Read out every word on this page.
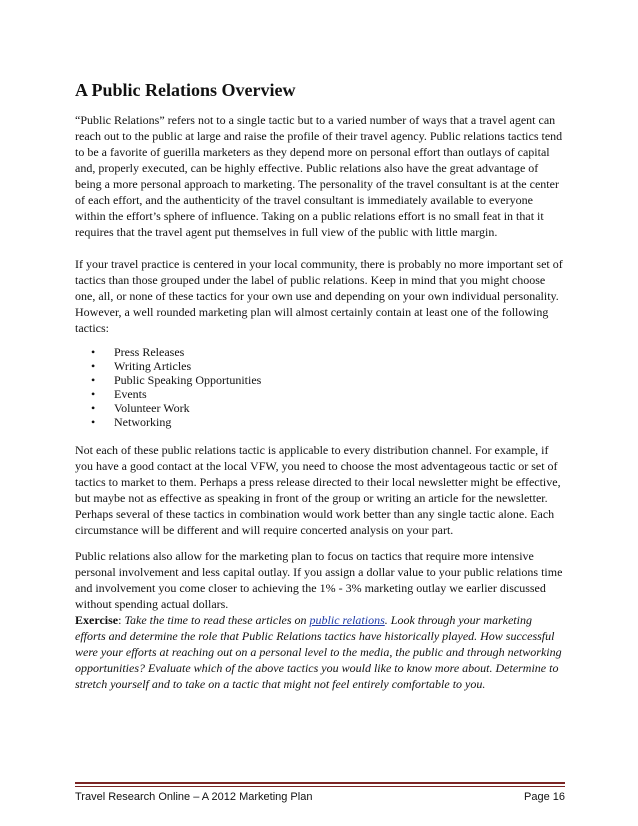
A Public Relations Overview

“Public Relations” refers not to a single tactic but to a varied number of ways that a travel agent can reach out to the public at large and raise the profile of their travel agency. Public relations tactics tend to be a favorite of guerilla marketers as they depend more on personal effort than outlays of capital and, properly executed, can be highly effective. Public relations also have the great advantage of being a more personal approach to marketing. The personality of the travel consultant is at the center of each effort, and the authenticity of the travel consultant is immediately available to everyone within the effort’s sphere of influence. Taking on a public relations effort is no small feat in that it requires that the travel agent put themselves in full view of the public with little margin.

If your travel practice is centered in your local community, there is probably no more important set of tactics than those grouped under the label of public relations. Keep in mind that you might choose one, all, or none of these tactics for your own use and depending on your own individual personality. However, a well rounded marketing plan will almost certainly contain at least one of the following tactics:

• Press Releases
• Writing Articles
• Public Speaking Opportunities
• Events
• Volunteer Work
• Networking

Not each of these public relations tactic is applicable to every distribution channel. For example, if you have a good contact at the local VFW, you need to choose the most adventageous tactic or set of tactics to market to them. Perhaps a press release directed to their local newsletter might be effective, but maybe not as effective as speaking in front of the group or writing an article for the newsletter. Perhaps several of these tactics in combination would work better than any single tactic alone. Each circumstance will be different and will require concerted analysis on your part.

Public relations also allow for the marketing plan to focus on tactics that require more intensive personal involvement and less capital outlay. If you assign a dollar value to your public relations time and involvement you come closer to achieving the 1% - 3% marketing outlay we earlier discussed without spending actual dollars.

Exercise: Take the time to read these articles on public relations. Look through your marketing efforts and determine the role that Public Relations tactics have historically played. How successful were your efforts at reaching out on a personal level to the media, the public and through networking opportunities? Evaluate which of the above tactics you would like to know more about. Determine to stretch yourself and to take on a tactic that might not feel entirely comfortable to you.

Travel Research Online – A 2012 Marketing Plan	Page 16
